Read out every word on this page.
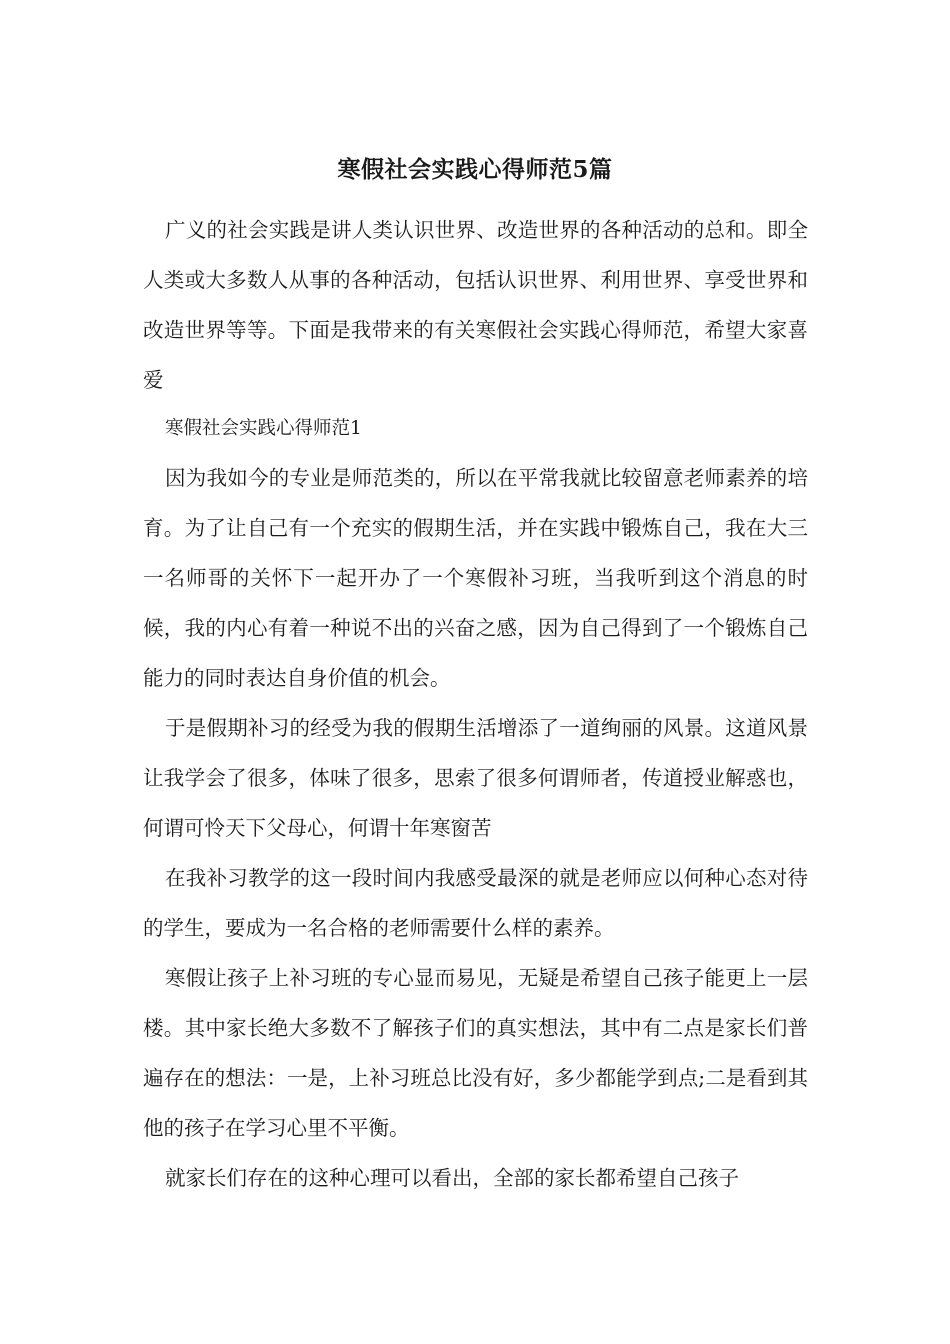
寒假社会实践心得师范5篇

广义的社会实践是讲人类认识世界、改造世界的各种活动的总和。即全人类或大多数人从事的各种活动，包括认识世界、利用世界、享受世界和改造世界等等。下面是我带来的有关寒假社会实践心得师范，希望大家喜爱

寒假社会实践心得师范1

因为我如今的专业是师范类的，所以在平常我就比较留意老师素养的培育。为了让自己有一个充实的假期生活，并在实践中锻炼自己，我在大三一名师哥的关怀下一起开办了一个寒假补习班，当我听到这个消息的时候，我的内心有着一种说不出的兴奋之感，因为自己得到了一个锻炼自己能力的同时表达自身价值的机会。

于是假期补习的经受为我的假期生活增添了一道绚丽的风景。这道风景让我学会了很多，体味了很多，思索了很多何谓师者，传道授业解惑也，何谓可怜天下父母心，何谓十年寒窗苦

在我补习教学的这一段时间内我感受最深的就是老师应以何种心态对待的学生，要成为一名合格的老师需要什么样的素养。

寒假让孩子上补习班的专心显而易见，无疑是希望自己孩子能更上一层楼。其中家长绝大多数不了解孩子们的真实想法，其中有二点是家长们普遍存在的想法：一是，上补习班总比没有好，多少都能学到点;二是看到其他的孩子在学习心里不平衡。

就家长们存在的这种心理可以看出，全部的家长都希望自己孩子
